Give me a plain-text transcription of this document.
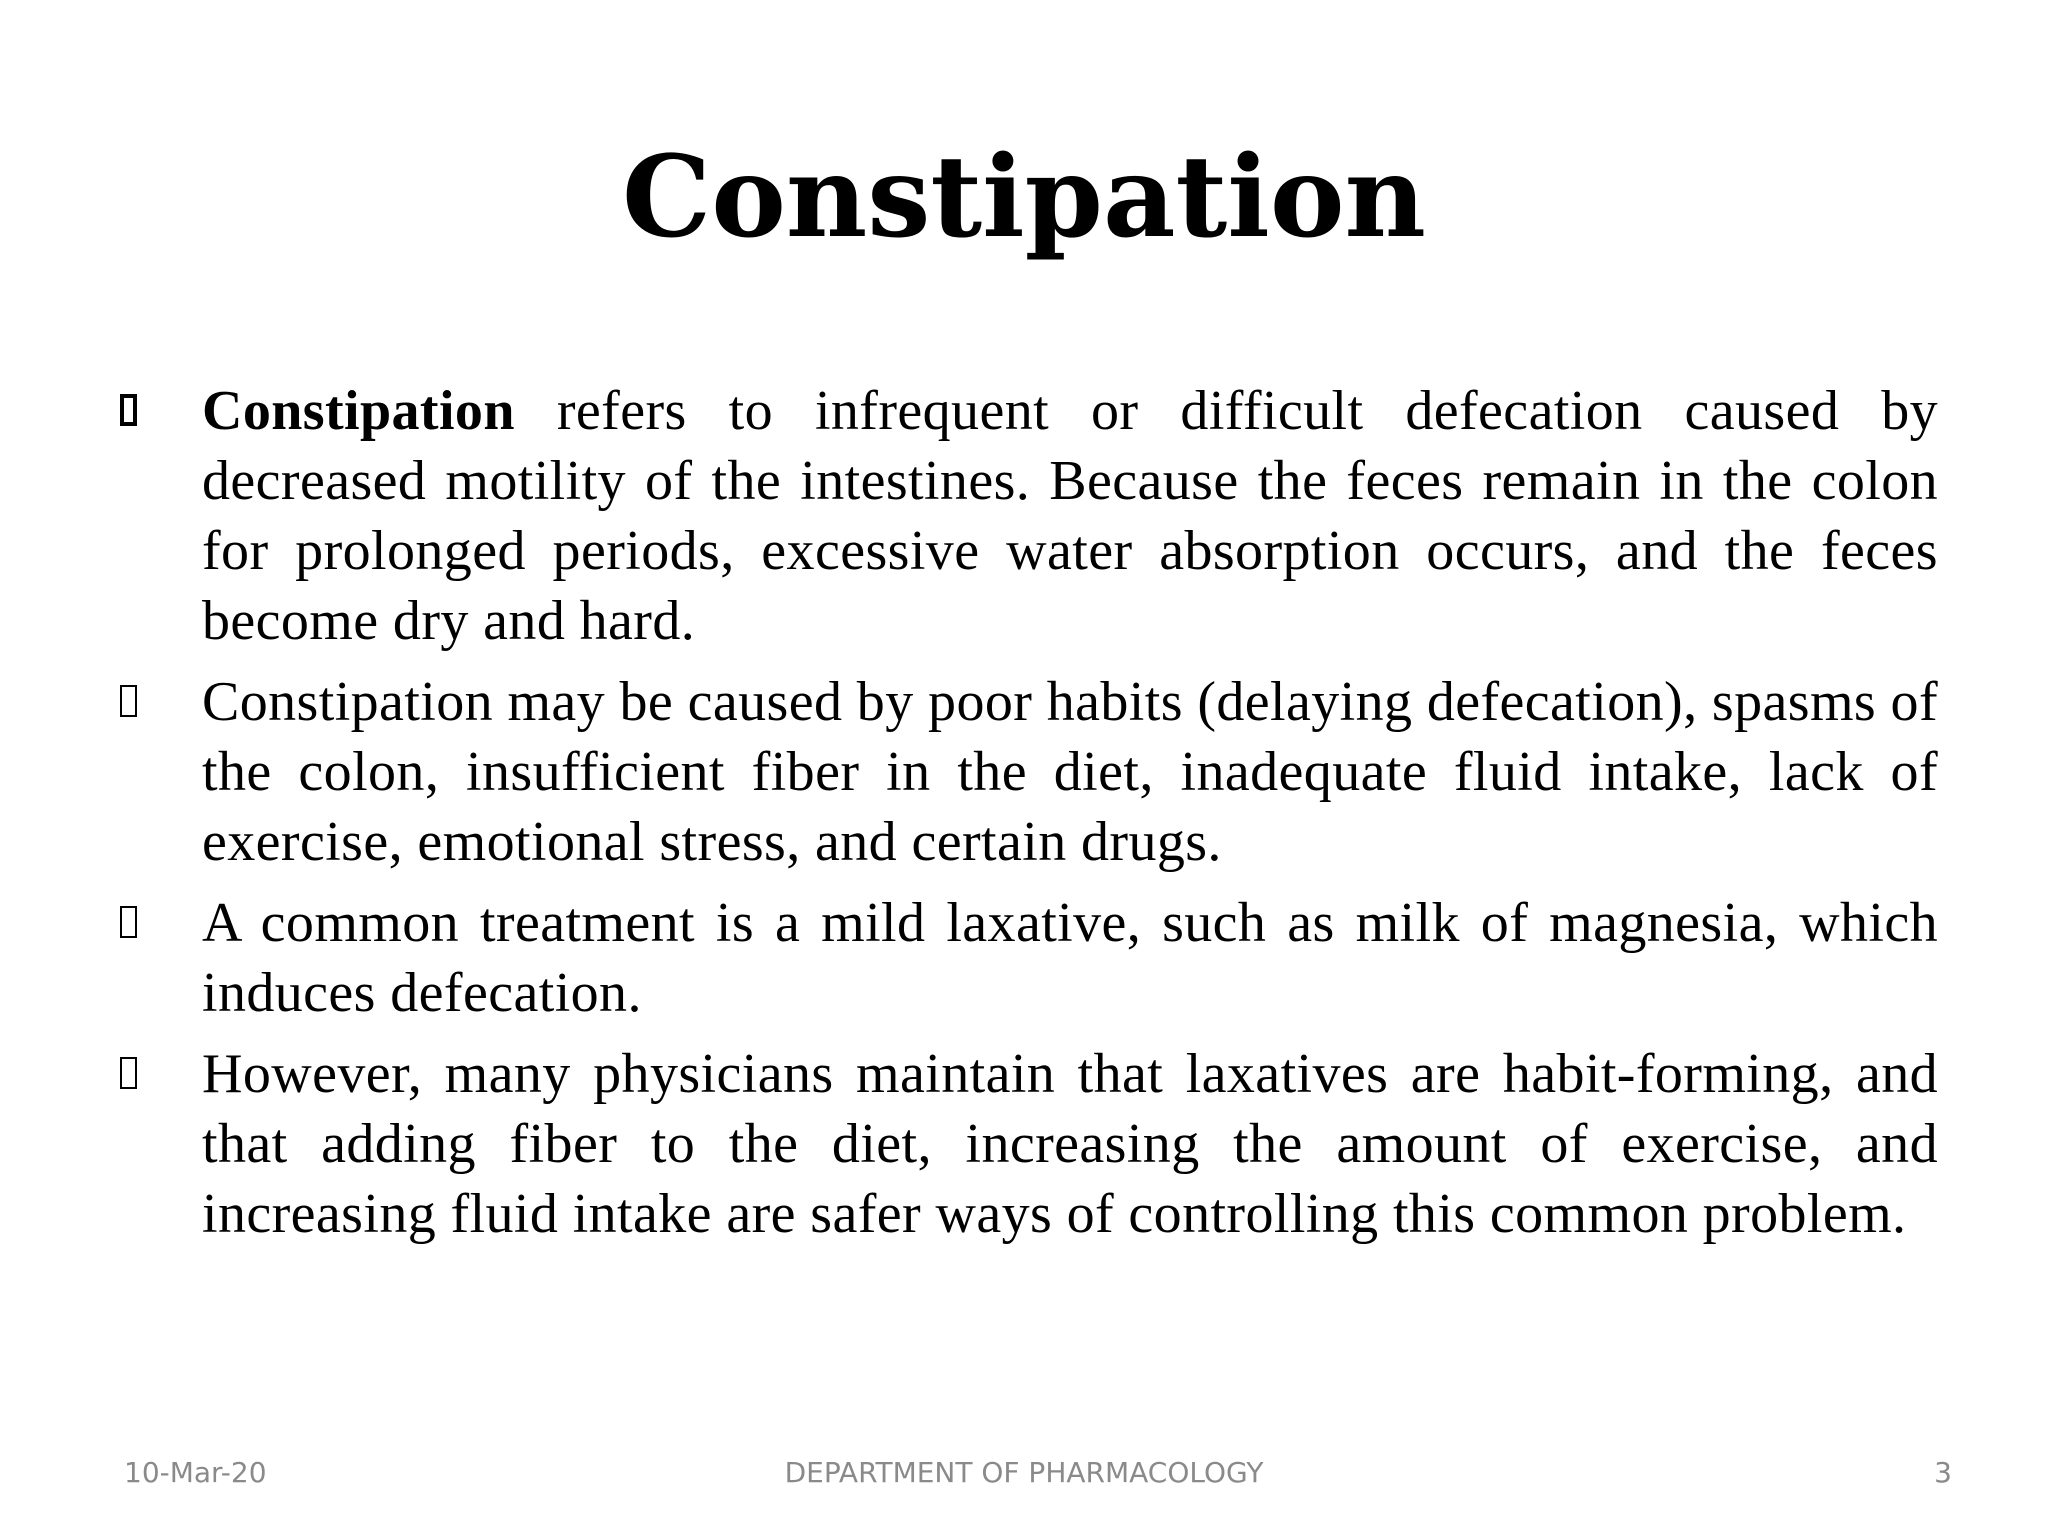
Constipation
Constipation refers to infrequent or difficult defecation caused by decreased motility of the intestines. Because the feces remain in the colon for prolonged periods, excessive water absorption occurs, and the feces become dry and hard.
Constipation may be caused by poor habits (delaying defecation), spasms of the colon, insufficient fiber in the diet, inadequate fluid intake, lack of exercise, emotional stress, and certain drugs.
A common treatment is a mild laxative, such as milk of magnesia, which induces defecation.
However, many physicians maintain that laxatives are habit-forming, and that adding fiber to the diet, increasing the amount of exercise, and increasing fluid intake are safer ways of controlling this common problem.
10-Mar-20	DEPARTMENT OF PHARMACOLOGY	3
